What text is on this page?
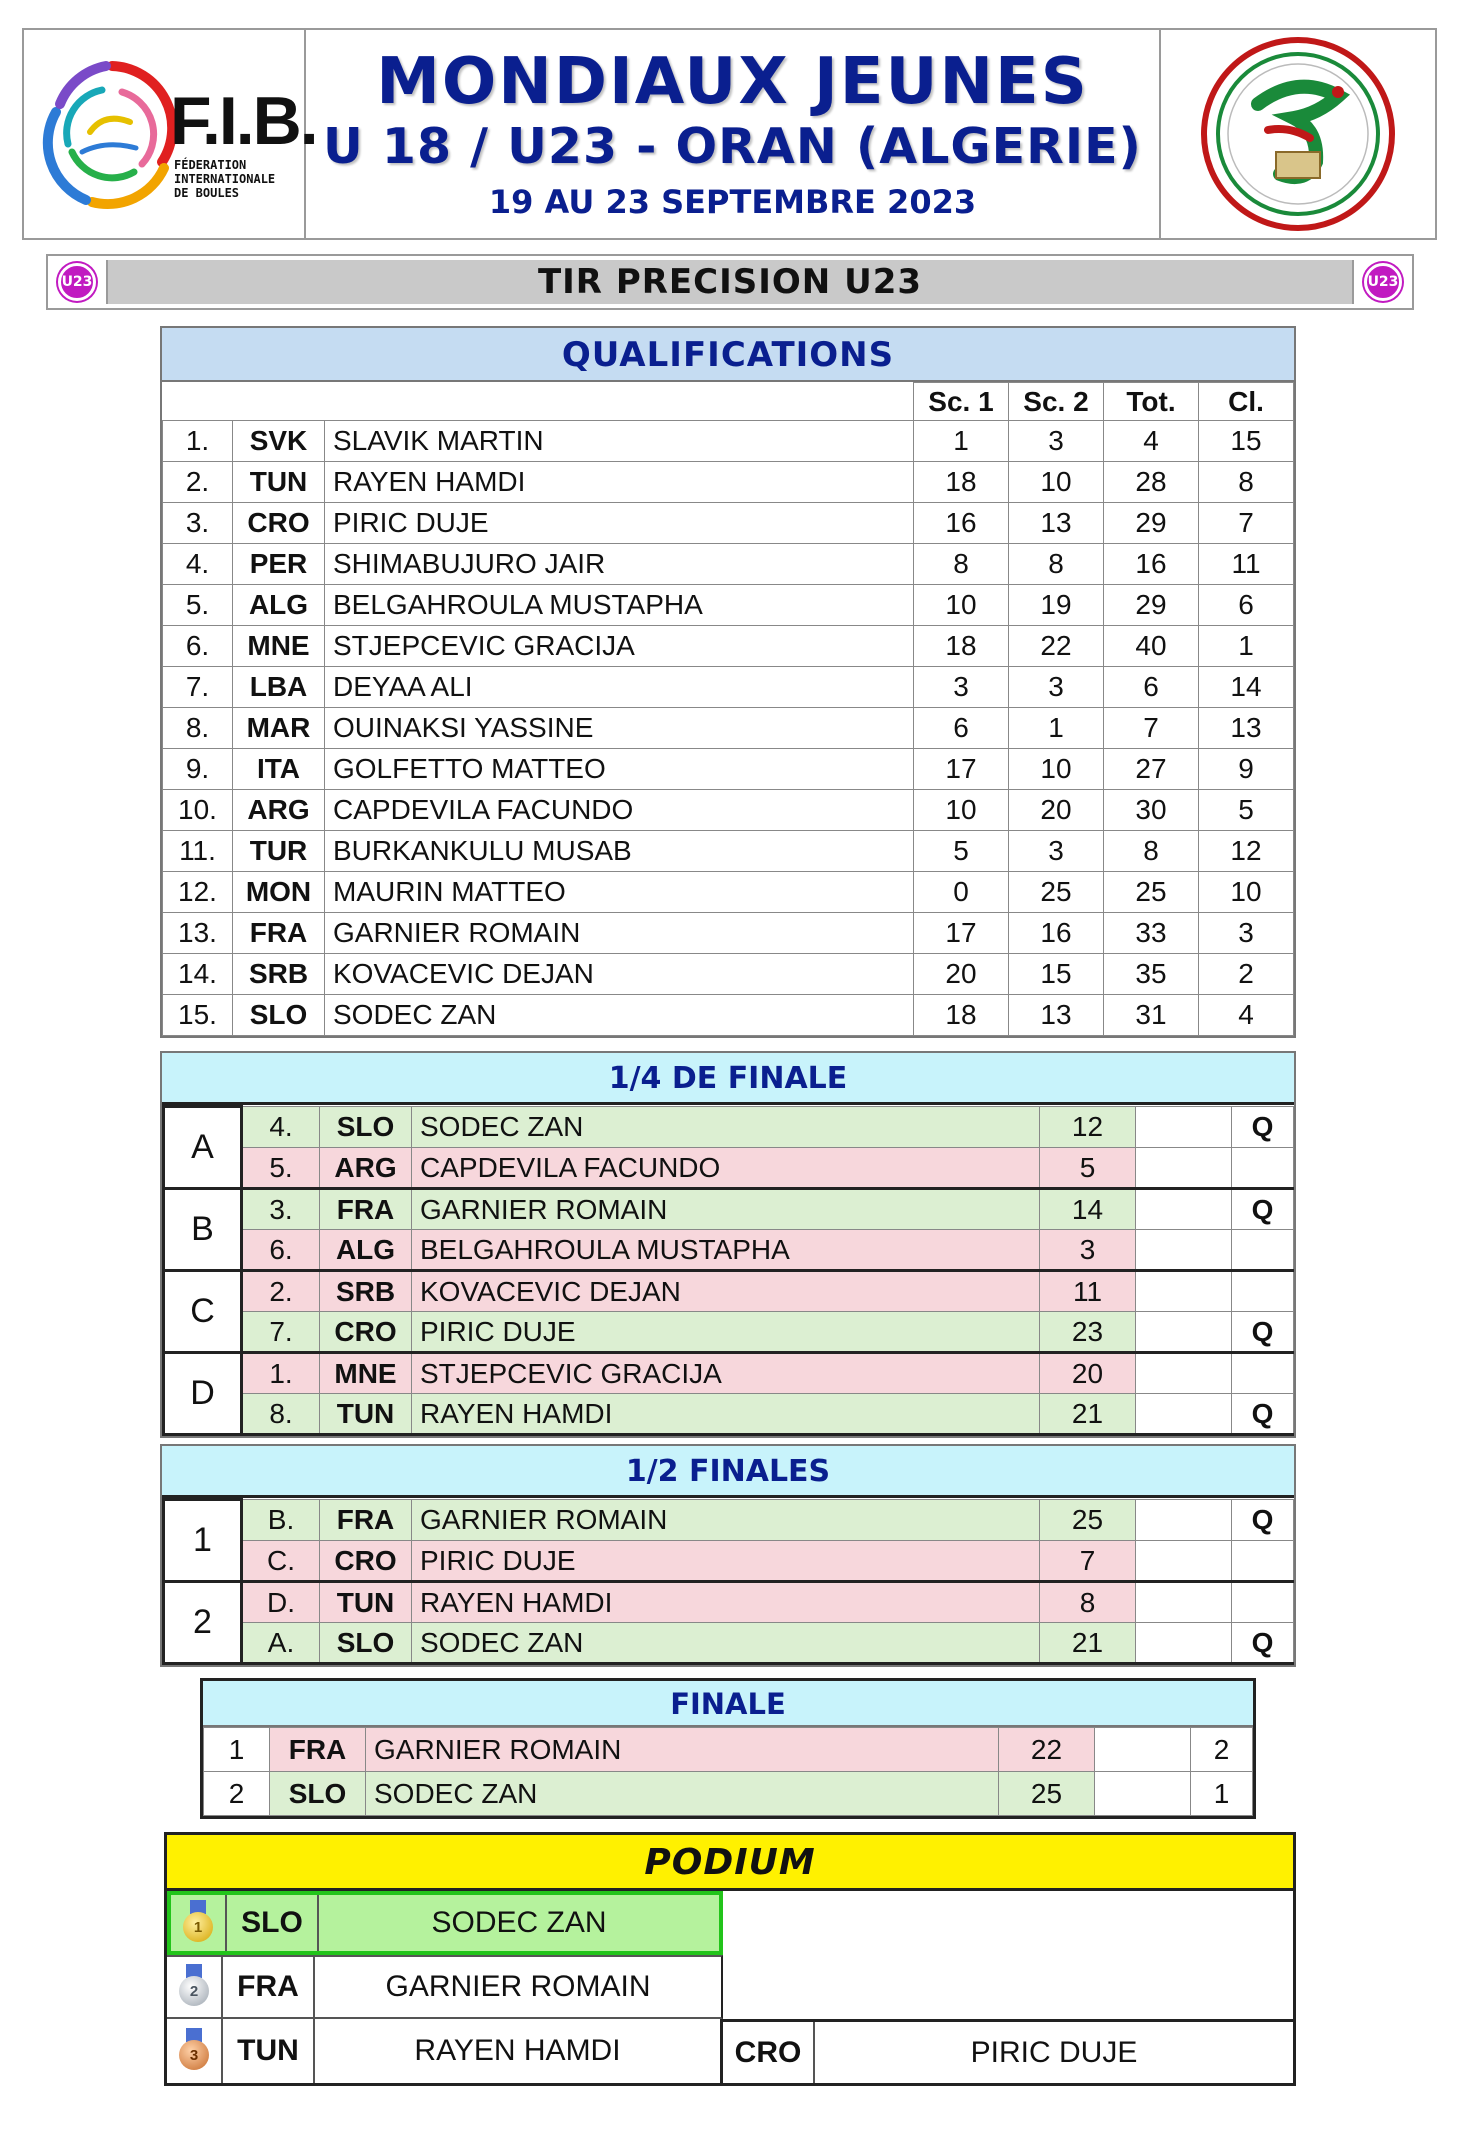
F.I.B.
FÉDERATION
INTERNATIONALE
DE BOULES
MONDIAUX JEUNES
U 18 / U23 - ORAN (ALGERIE)
19 AU 23 SEPTEMBRE 2023
U23	TIR PRECISION U23	U23
QUALIFICATIONS
			Sc. 1	Sc. 2	Tot.	Cl.
1.	SVK	SLAVIK MARTIN	1	3	4	15
2.	TUN	RAYEN HAMDI	18	10	28	8
3.	CRO	PIRIC DUJE	16	13	29	7
4.	PER	SHIMABUJURO JAIR	8	8	16	11
5.	ALG	BELGAHROULA MUSTAPHA	10	19	29	6
6.	MNE	STJEPCEVIC GRACIJA	18	22	40	1
7.	LBA	DEYAA ALI	3	3	6	14
8.	MAR	OUINAKSI YASSINE	6	1	7	13
9.	ITA	GOLFETTO MATTEO	17	10	27	9
10.	ARG	CAPDEVILA FACUNDO	10	20	30	5
11.	TUR	BURKANKULU MUSAB	5	3	8	12
12.	MON	MAURIN MATTEO	0	25	25	10
13.	FRA	GARNIER ROMAIN	17	16	33	3
14.	SRB	KOVACEVIC DEJAN	20	15	35	2
15.	SLO	SODEC ZAN	18	13	31	4
1/4 DE FINALE
A	4.	SLO	SODEC ZAN	12		Q
	5.	ARG	CAPDEVILA FACUNDO	5		
B	3.	FRA	GARNIER ROMAIN	14		Q
	6.	ALG	BELGAHROULA MUSTAPHA	3		
C	2.	SRB	KOVACEVIC DEJAN	11		
	7.	CRO	PIRIC DUJE	23		Q
D	1.	MNE	STJEPCEVIC GRACIJA	20		
	8.	TUN	RAYEN HAMDI	21		Q
1/2 FINALES
1	B.	FRA	GARNIER ROMAIN	25		Q
	C.	CRO	PIRIC DUJE	7		
2	D.	TUN	RAYEN HAMDI	8		
	A.	SLO	SODEC ZAN	21		Q
FINALE
1	FRA	GARNIER ROMAIN	22		2
2	SLO	SODEC ZAN	25		1
PODIUM
1	SLO	SODEC ZAN
2	FRA	GARNIER ROMAIN
3	TUN	RAYEN HAMDI	CRO	PIRIC DUJE
